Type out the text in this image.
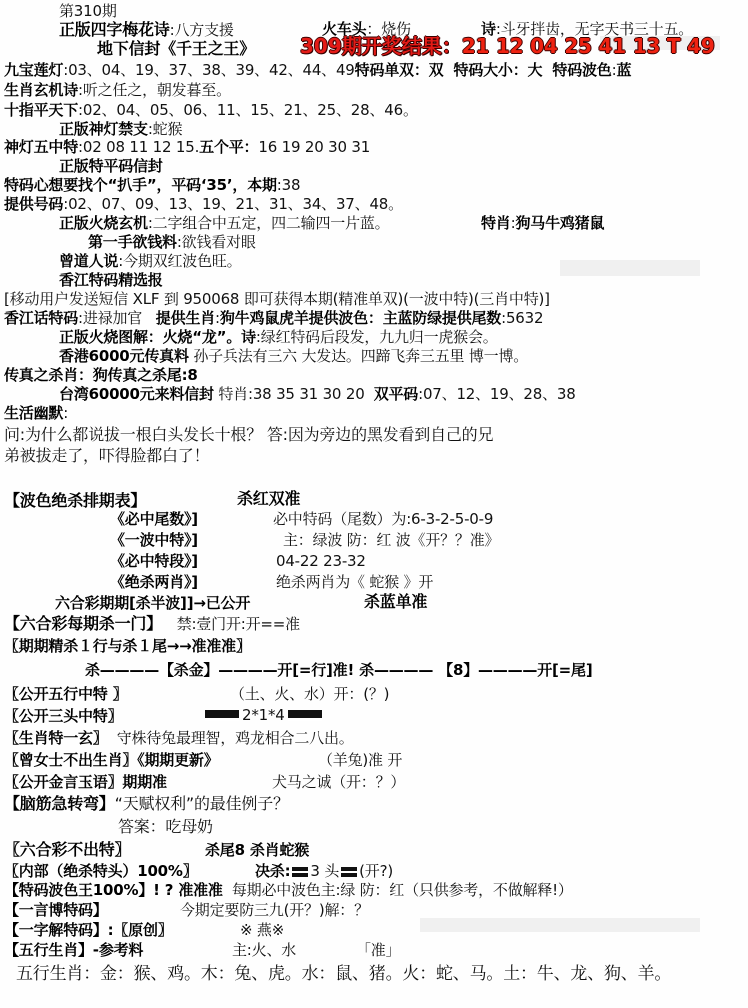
第310期
正版四字梅花诗:八方支援	火车头：烧伤	诗:斗牙拌齿，无字天书三十五。
地下信封《千王之王》 309期开奖结果：21 12 04 25 41 13 T 49
九宝莲灯:03、04、19、37、38、39、42、44、49特码单双：双 特码大小：大 特码波色:蓝
生肖玄机诗:听之任之，朝发暮至。
十指平天下:02、04、05、06、11、15、21、25、28、46。
正版神灯禁支:蛇猴
神灯五中特:02 08 11 12 15.五个平：16 19 20 30 31
正版特平码信封
特码心想要找个“扒手”，平码‘35’，本期:38
提供号码:02、07、09、13、19、21、31、34、37、48。
正版火烧玄机:二字组合中五定，四二输四一片蓝。	特肖:狗马牛鸡猪鼠
第一手欲钱料:欲钱看对眼
曾道人说:今期双红波色旺。
香江特码精选报
[移动用户发送短信 XLF 到 950068 即可获得本期(精准单双)(一波中特)(三肖中特)]
香江话特码:进禄加官 提供生肖:狗牛鸡鼠虎羊提供波色：主蓝防绿提供尾数:5632
正版火烧图解：火烧“龙”。诗:绿红特码后段发，九九归一虎猴会。
香港6000元传真料 孙子兵法有三六 大发达。四蹄飞奔三五里 博一博。
传真之杀肖：狗传真之杀尾:8
台湾60000元来料信封 特肖:38 35 31 30 20 双平码:07、12、19、28、38
生活幽默:
问:为什么都说拔一根白头发长十根？ 答:因为旁边的黑发看到自己的兄
弟被拔走了，吓得脸都白了！
【波色绝杀排期表】	杀红双准
《必中尾数》]	必中特码（尾数）为:6-3-2-5-0-9
《一波中特》]	主：绿波 防：红 波《开？？准》
《必中特段》]	04-22 23-32
《绝杀两肖》]	绝杀两肖为《 蛇猴 》开
六合彩期期[杀半波]]→已公开	杀蓝单准
【六合彩每期杀一门】 禁:壹门开:开==准
〖期期精杀１行与杀１尾→→准准准〗
杀————【杀金】————开[=行]准! 杀———— 【8】————开[=尾]
〖公开五行中特 〗	（土、火、水）开：(？)
〖公开三头中特〗	2*1*4
〖生肖特一玄〗 守株待兔最理智，鸡龙相合二八出。
〖曾女士不出生肖〗《期期更新》	（羊兔)准 开
〖公开金言玉语〗期期准	犬马之诚（开：？）
【脑筋急转弯】“天赋权利”的最佳例子？
答案：吃母奶
〖六合彩不出特〗	杀尾8 杀肖蛇猴
〖内部（绝杀特头）100%〗	决杀: 3 头 (开?)
【特码波色王100%】! ? 准准准 每期必中波色主:绿 防：红（只供参考，不做解释!）
【一言博特码】	今期定要防三九(开？)解：？
【一字解特码】:〖原创〗	※ 燕※
【五行生肖】-参考料	主:火、水	「准」
五行生肖：金：猴、鸡。木：兔、虎。水：鼠、猪。火：蛇、马。土：牛、龙、狗、羊。
